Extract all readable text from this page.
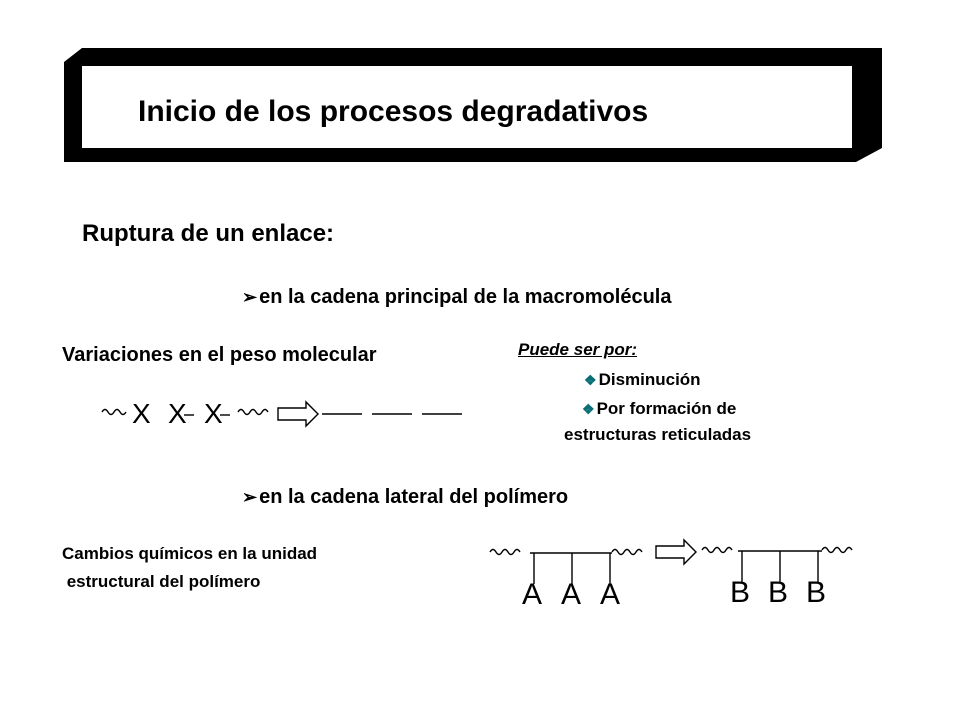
Inicio de los procesos degradativos
Ruptura de un enlace:
➢ en la cadena principal de la macromolécula
Variaciones en el peso molecular	Puede ser por:
❖ Disminución
❖ Por formación de
estructuras reticuladas
X X X
➢ en la cadena lateral del polímero
Cambios químicos en la unidad
estructural del polímero	A A A	B B B
